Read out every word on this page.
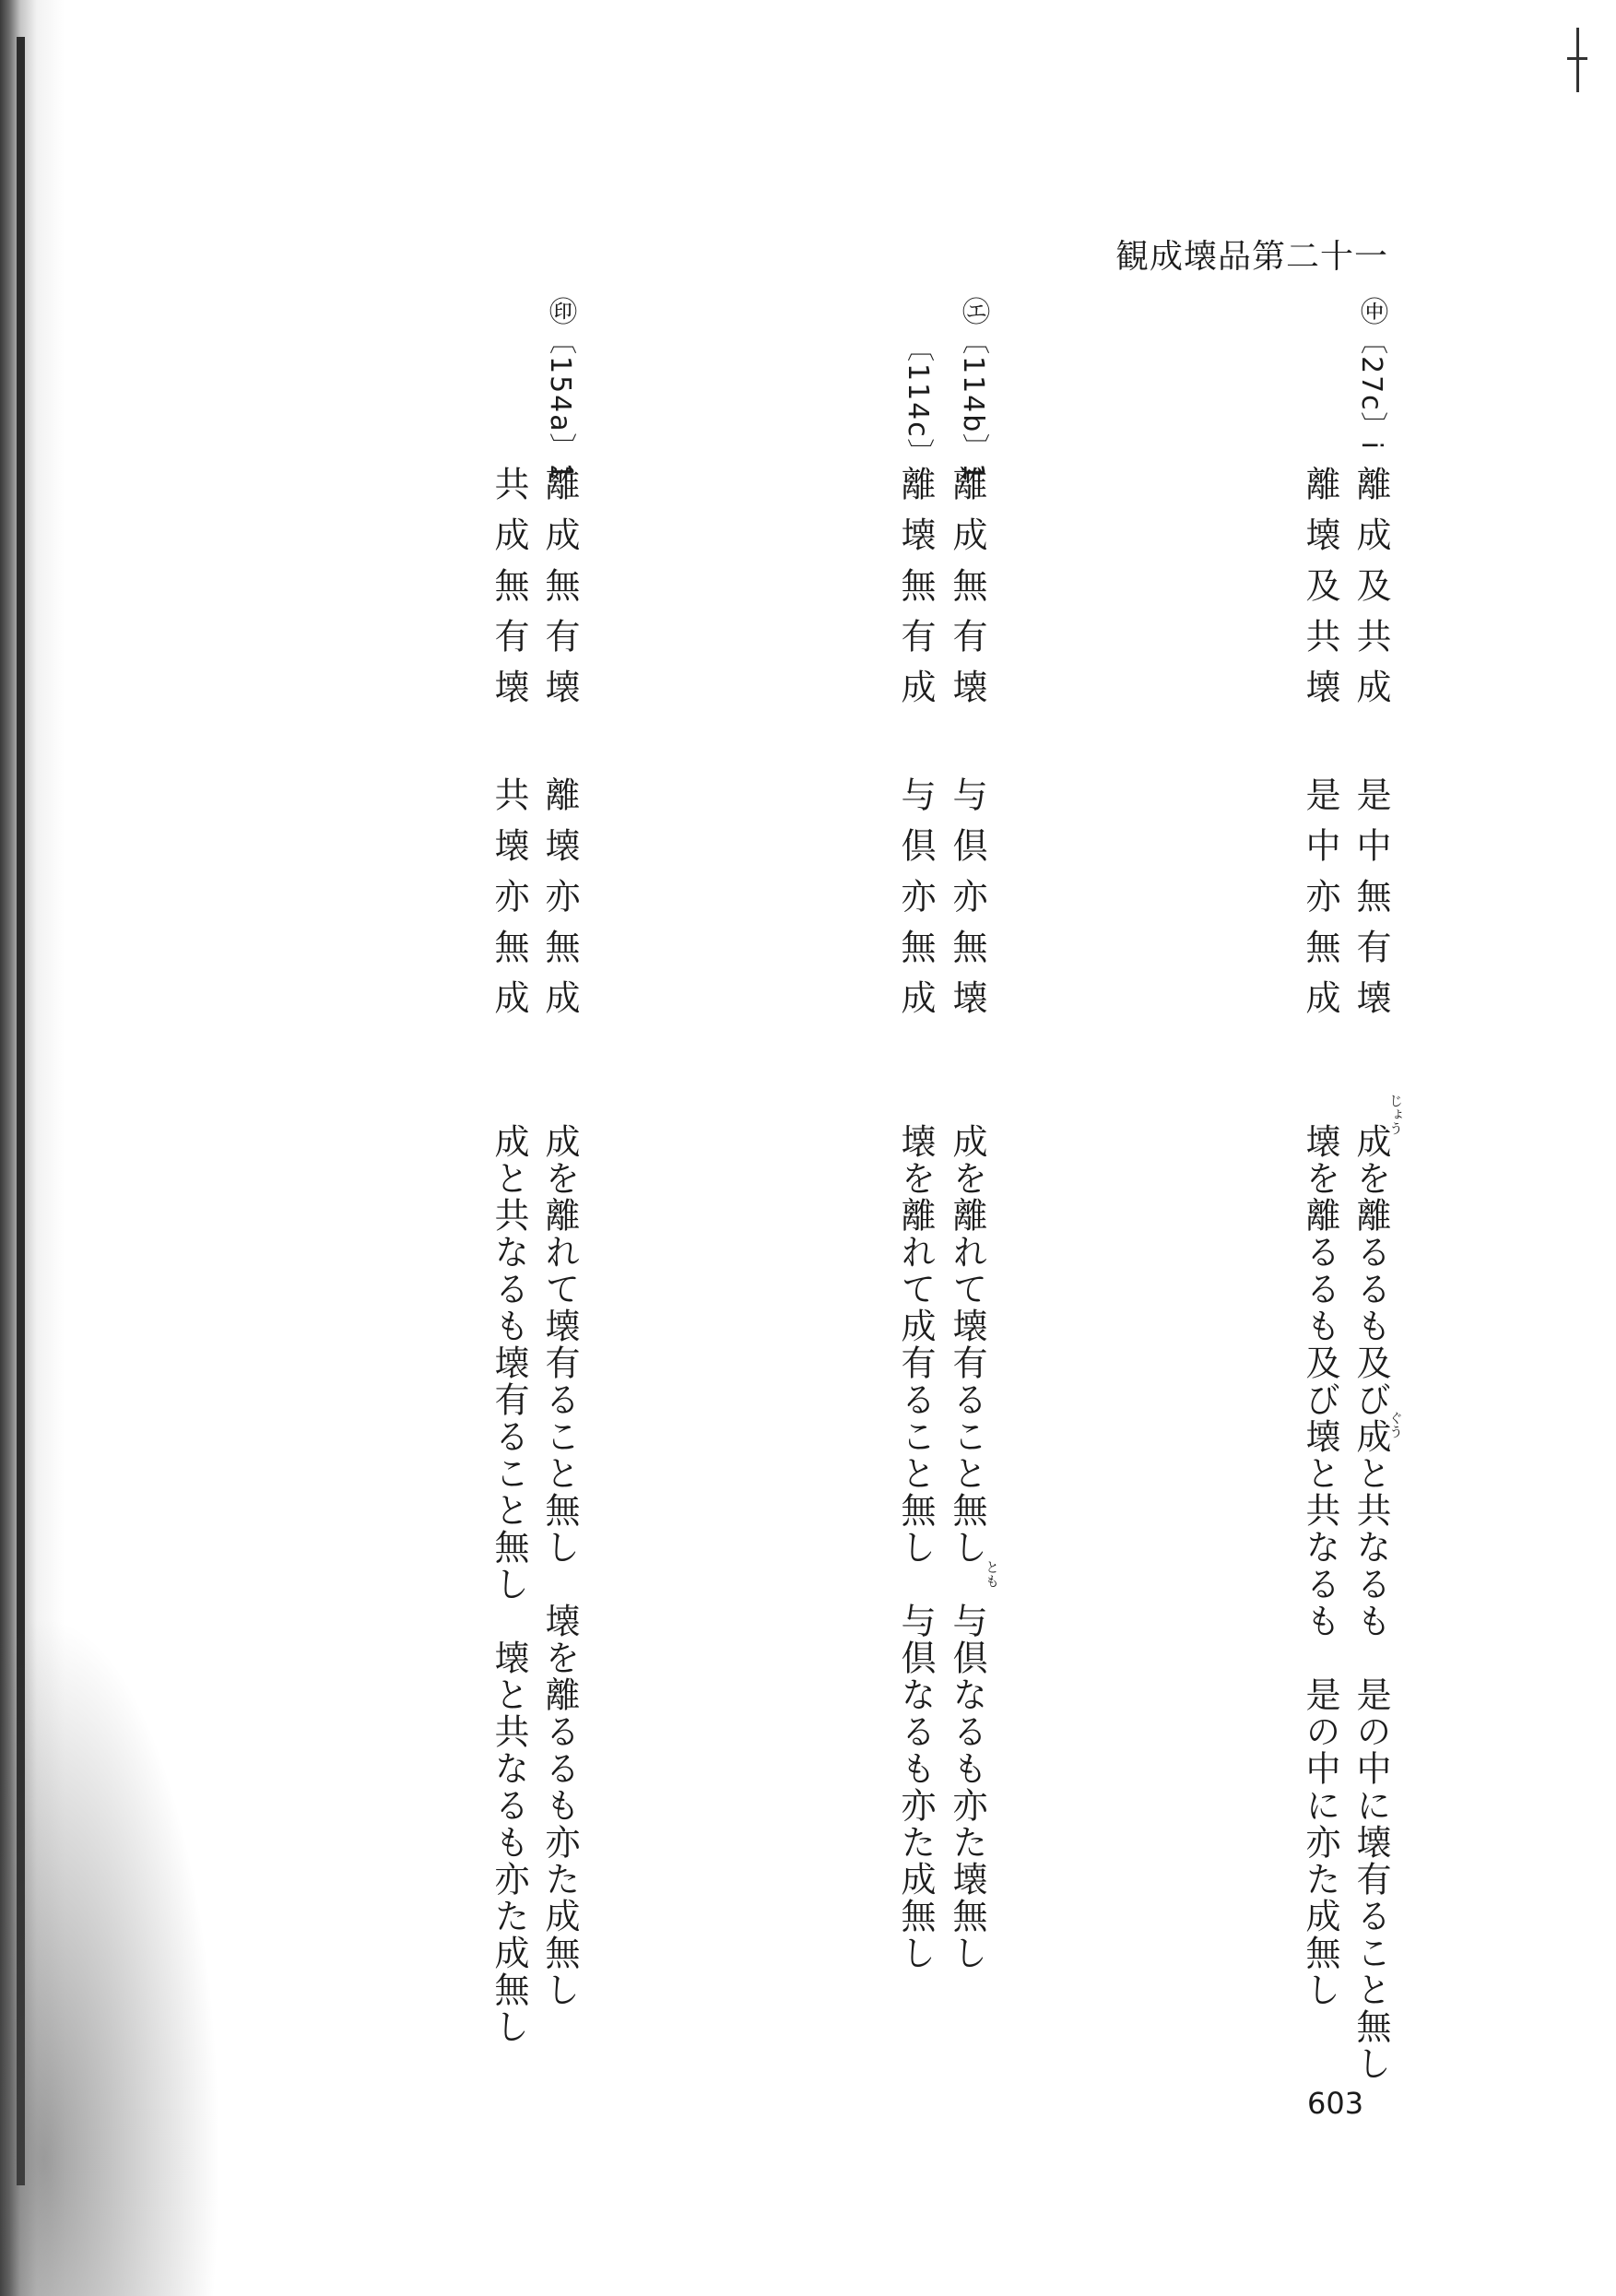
観成壊品第二十一
㊥〔27c〕i
離成及共成
是中無有壊
離壊及共壊
是中亦無成
じょう
ぐう
成を離るるも及び成と共なるも　是の中に壊有ること無し
壊を離るるも及び壊と共なるも　是の中に亦た成無し
㋓〔114b〕1
〔114c〕
離成無有壊
与倶亦無壊
離壊無有成
与倶亦無成
とも
成を離れて壊有ること無し　与倶なるも亦た壊無し
壊を離れて成有ること無し　与倶なるも亦た成無し
㊞〔154a〕1
離成無有壊
離壊亦無成
共成無有壊
共壊亦無成
成を離れて壊有ること無し　壊を離るるも亦た成無し
成と共なるも壊有ること無し　壊と共なるも亦た成無し
603
